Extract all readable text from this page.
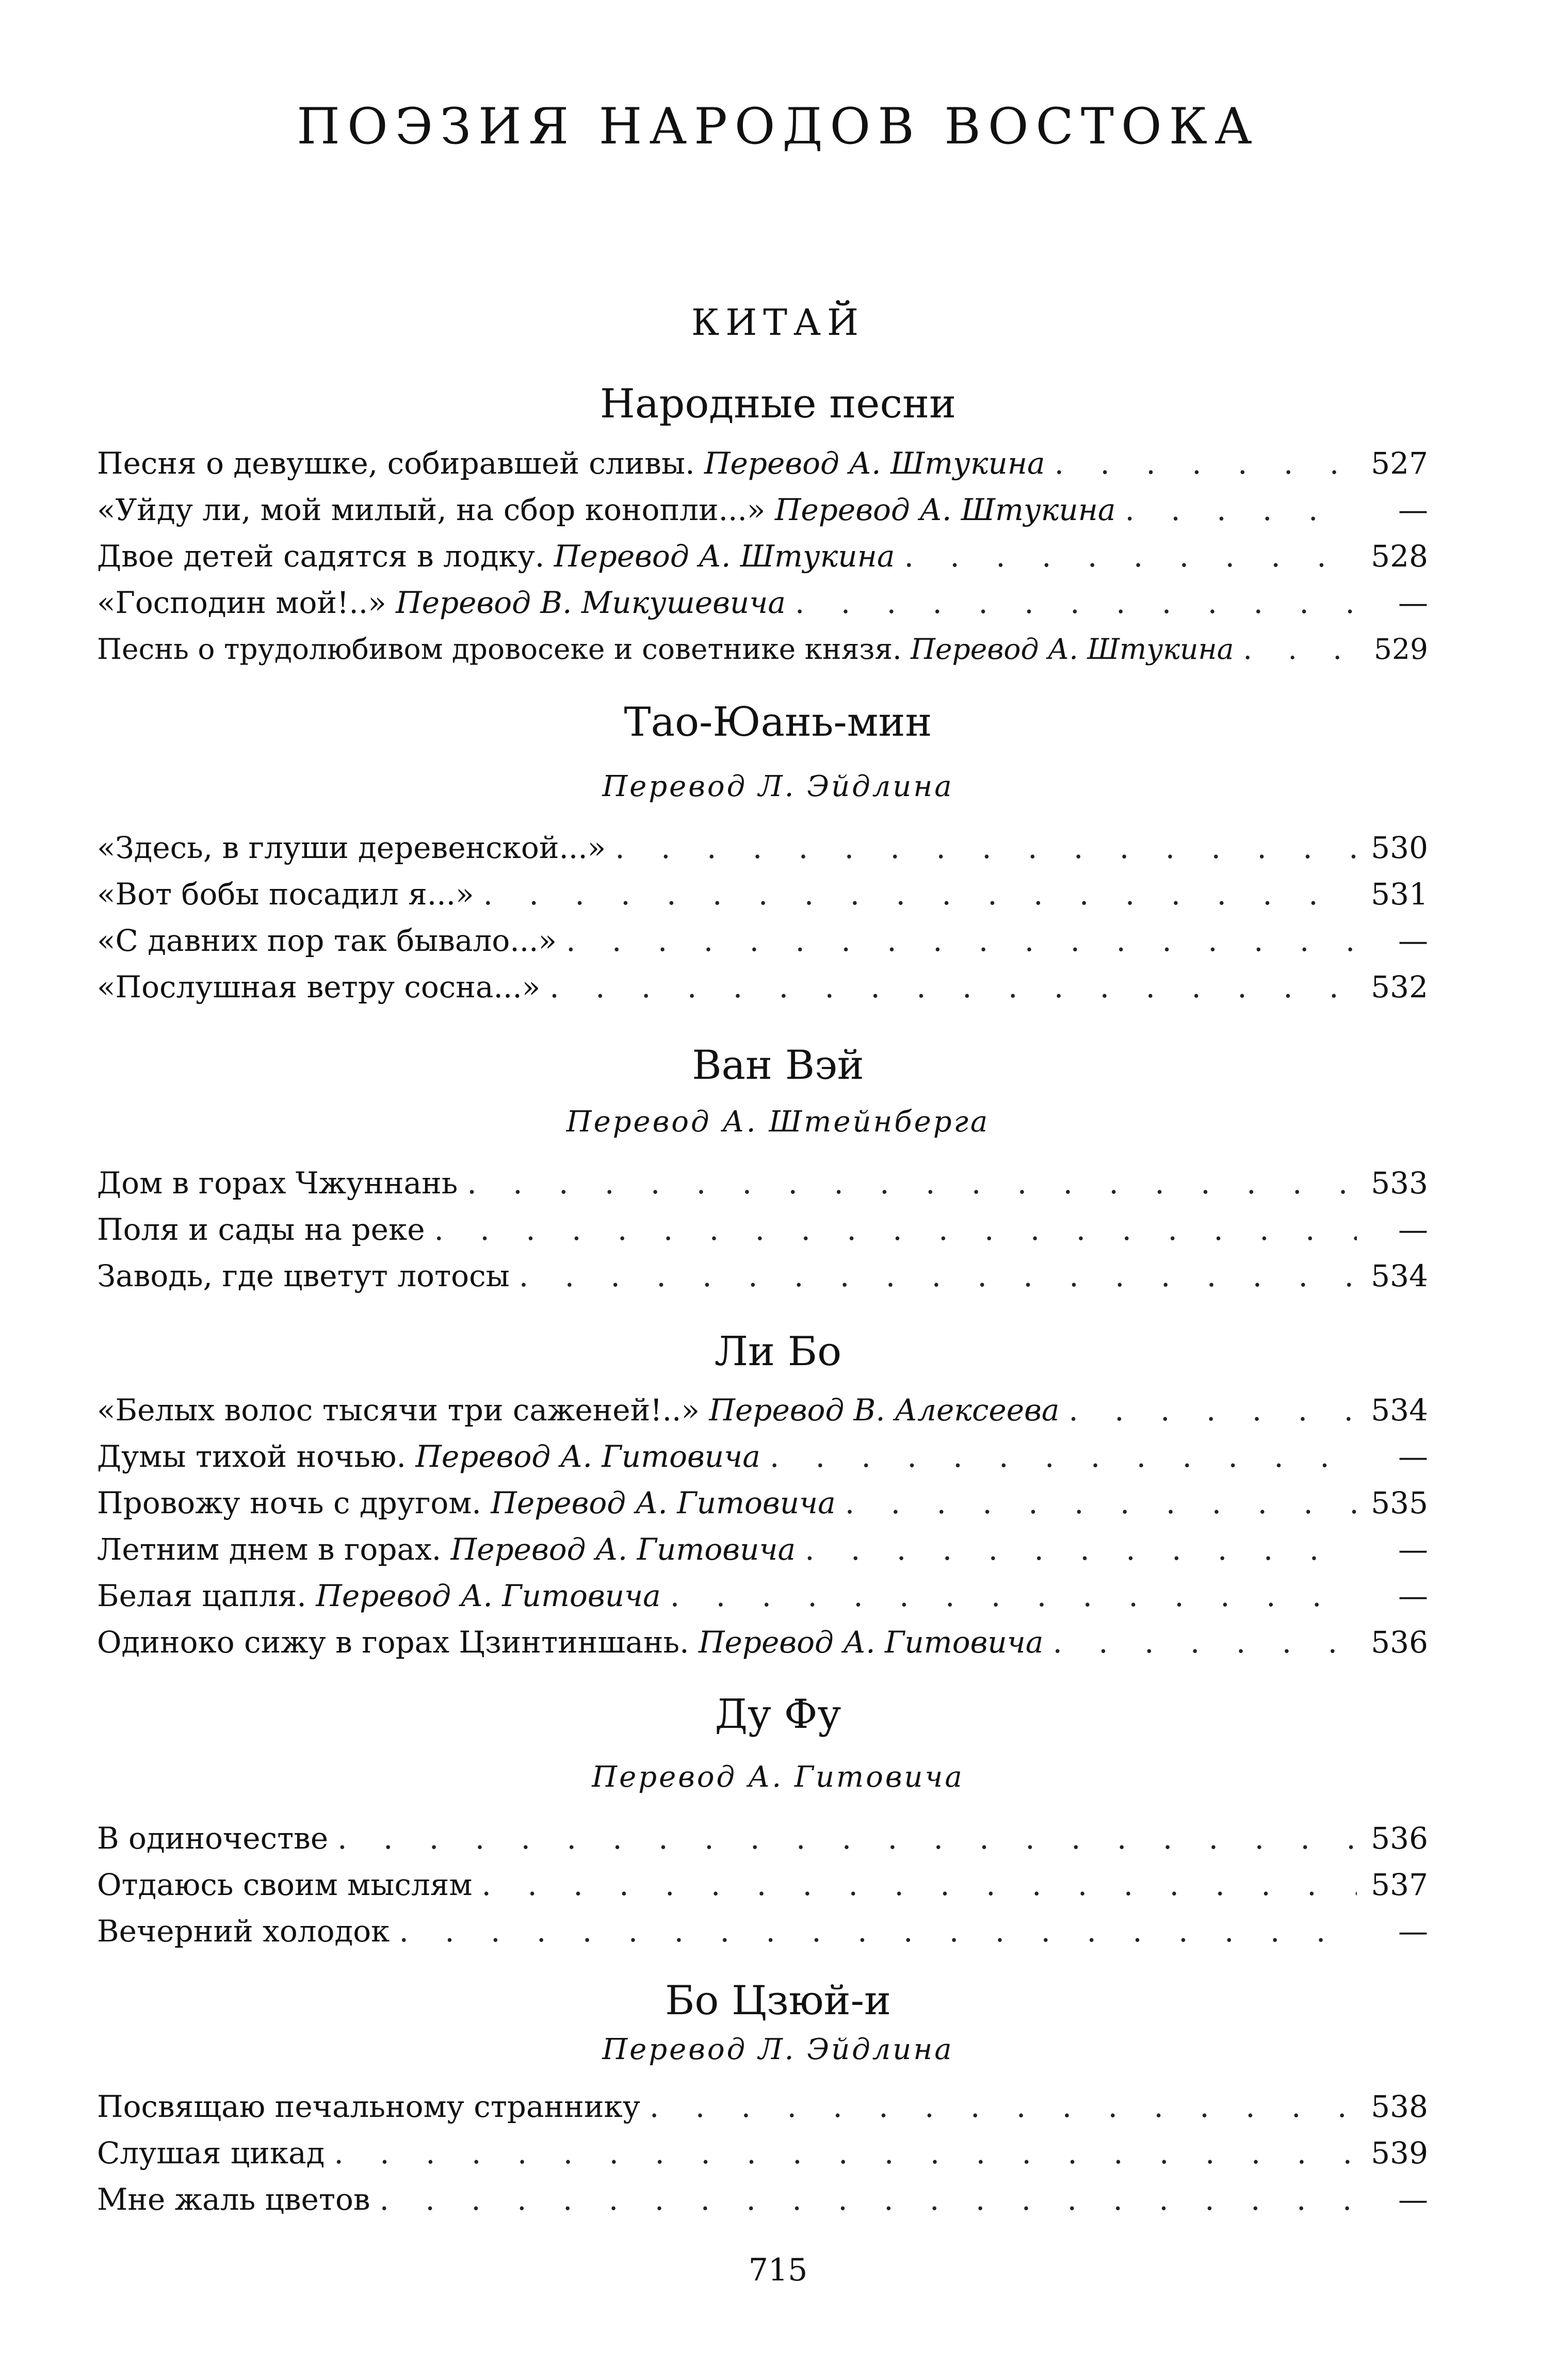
ПОЭЗИЯ НАРОДОВ ВОСТОКА
КИТАЙ
Народные песни
Песня о девушке, собиравшей сливы. Перевод А. Штукина . . .	527
«Уйду ли, мой милый, на сбор конопли...» Перевод А. Штукина . . .	—
Двое детей садятся в лодку. Перевод А. Штукина . . .	528
«Господин мой!..» Перевод В. Микушевича . . .	—
Песнь о трудолюбивом дровосеке и советнике князя. Перевод А. Штукина . . .	529
Тао-Юань-мин
Перевод Л. Эйдлина
«Здесь, в глуши деревенской...» . . .	530
«Вот бобы посадил я...» . . .	531
«С давних пор так бывало...» . . .	—
«Послушная ветру сосна...» . . .	532
Ван Вэй
Перевод А. Штейнберга
Дом в горах Чжуннань . . .	533
Поля и сады на реке . . .	—
Заводь, где цветут лотосы . . .	534
Ли Бо
«Белых волос тысячи три саженей!..» Перевод В. Алексеева . . .	534
Думы тихой ночью. Перевод А. Гитовича . . .	—
Провожу ночь с другом. Перевод А. Гитовича . . .	535
Летним днем в горах. Перевод А. Гитовича . . .	—
Белая цапля. Перевод А. Гитовича . . .	—
Одиноко сижу в горах Цзинтиншань. Перевод А. Гитовича . . .	536
Ду Фу
Перевод А. Гитовича
В одиночестве . . .	536
Отдаюсь своим мыслям . . .	537
Вечерний холодок . . .	—
Бо Цзюй-и
Перевод Л. Эйдлина
Посвящаю печальному страннику . . .	538
Слушая цикад . . .	539
Мне жаль цветов . . .	—
715
